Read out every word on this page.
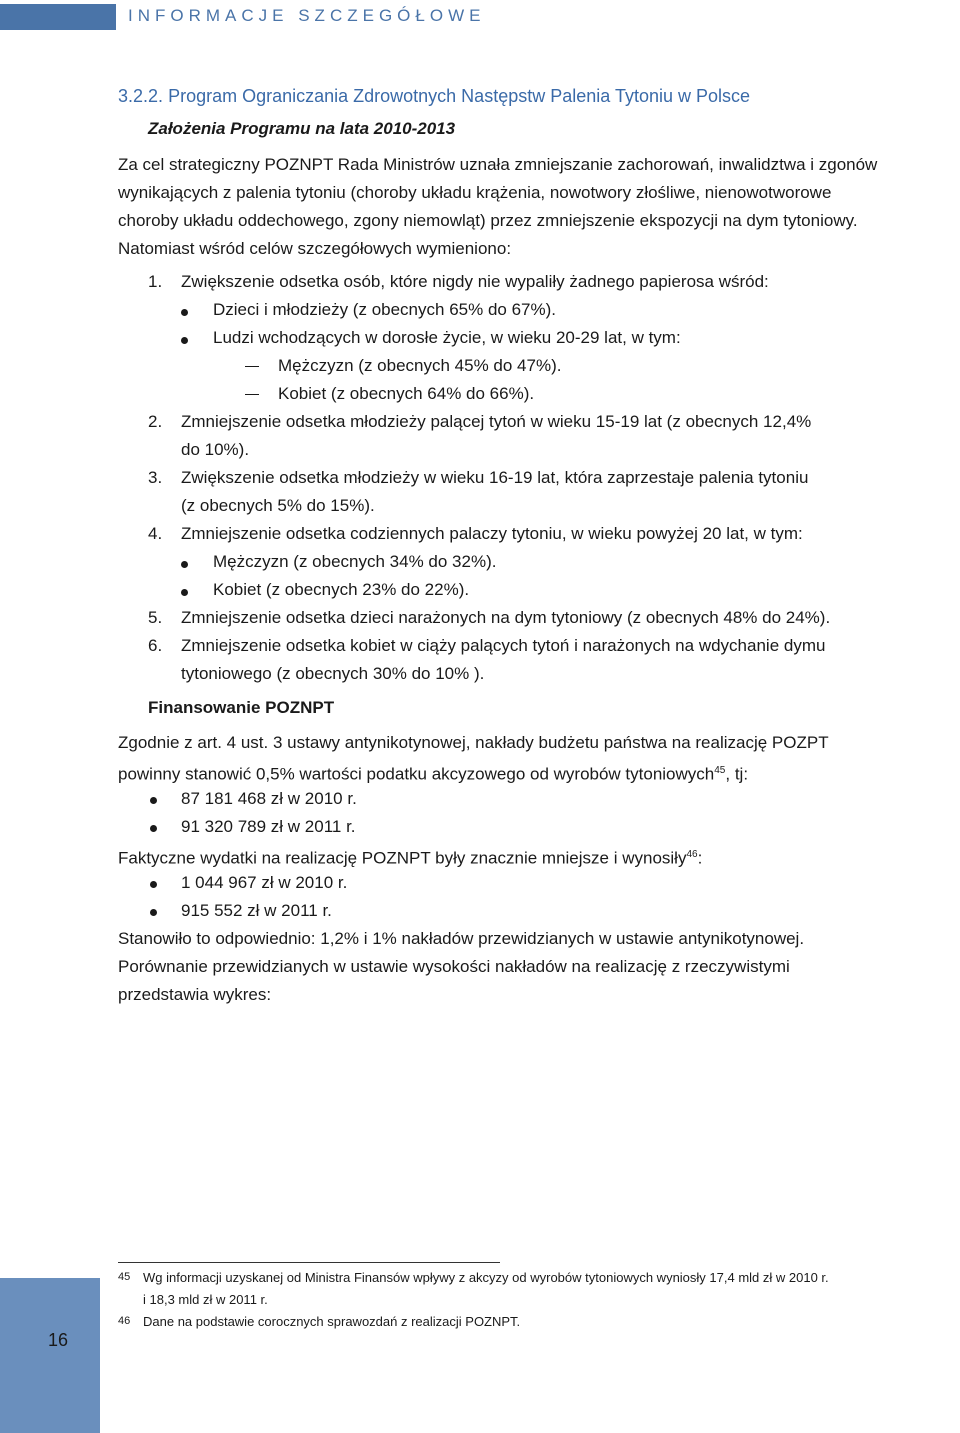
INFORMACJE SZCZEGÓŁOWE
3.2.2. Program Ograniczania Zdrowotnych Następstw Palenia Tytoniu w Polsce
Założenia Programu na lata 2010-2013
Za cel strategiczny POZNPT Rada Ministrów uznała zmniejszanie zachorowań, inwalidztwa i zgonów
wynikających z palenia tytoniu (choroby układu krążenia, nowotwory złośliwe, nienowotworowe
choroby układu oddechowego, zgony niemowląt) przez zmniejszenie ekspozycji na dym tytoniowy.
Natomiast wśród celów szczegółowych wymieniono:
1. Zwiększenie odsetka osób, które nigdy nie wypaliły żadnego papierosa wśród:
Dzieci i młodzieży (z obecnych 65% do 67%).
Ludzi wchodzących w dorosłe życie, w wieku 20-29 lat, w tym:
Mężczyzn (z obecnych 45% do 47%).
Kobiet (z obecnych 64% do 66%).
2. Zmniejszenie odsetka młodzieży palącej tytoń w wieku 15-19 lat (z obecnych 12,4%
do 10%).
3. Zwiększenie odsetka młodzieży w wieku 16-19 lat, która zaprzestaje palenia tytoniu
(z obecnych 5% do 15%).
4. Zmniejszenie odsetka codziennych palaczy tytoniu, w wieku powyżej 20 lat, w tym:
Mężczyzn (z obecnych 34% do 32%).
Kobiet (z obecnych 23% do 22%).
5. Zmniejszenie odsetka dzieci narażonych na dym tytoniowy (z obecnych 48% do 24%).
6. Zmniejszenie odsetka kobiet w ciąży palących tytoń i narażonych na wdychanie dymu
tytoniowego (z obecnych 30% do 10% ).
Finansowanie POZNPT
Zgodnie z art. 4 ust. 3 ustawy antynikotynowej, nakłady budżetu państwa na realizację POZPT
powinny stanowić 0,5% wartości podatku akcyzowego od wyrobów tytoniowych$^{45}$, tj:
87 181 468 zł w 2010 r.
91 320 789 zł w 2011 r.
Faktyczne wydatki na realizację POZNPT były znacznie mniejsze i wynosiły$^{46}$:
1 044 967 zł w 2010 r.
915 552 zł w 2011 r.
Stanowiło to odpowiednio: 1,2% i 1% nakładów przewidzianych w ustawie antynikotynowej.
Porównanie przewidzianych w ustawie wysokości nakładów na realizację z rzeczywistymi
przedstawia wykres:
16
45 Wg informacji uzyskanej od Ministra Finansów wpływy z akcyzy od wyrobów tytoniowych wyniosły 17,4 mld zł w 2010 r.
i 18,3 mld zł w 2011 r.
46 Dane na podstawie corocznych sprawozdań z realizacji POZNPT.
